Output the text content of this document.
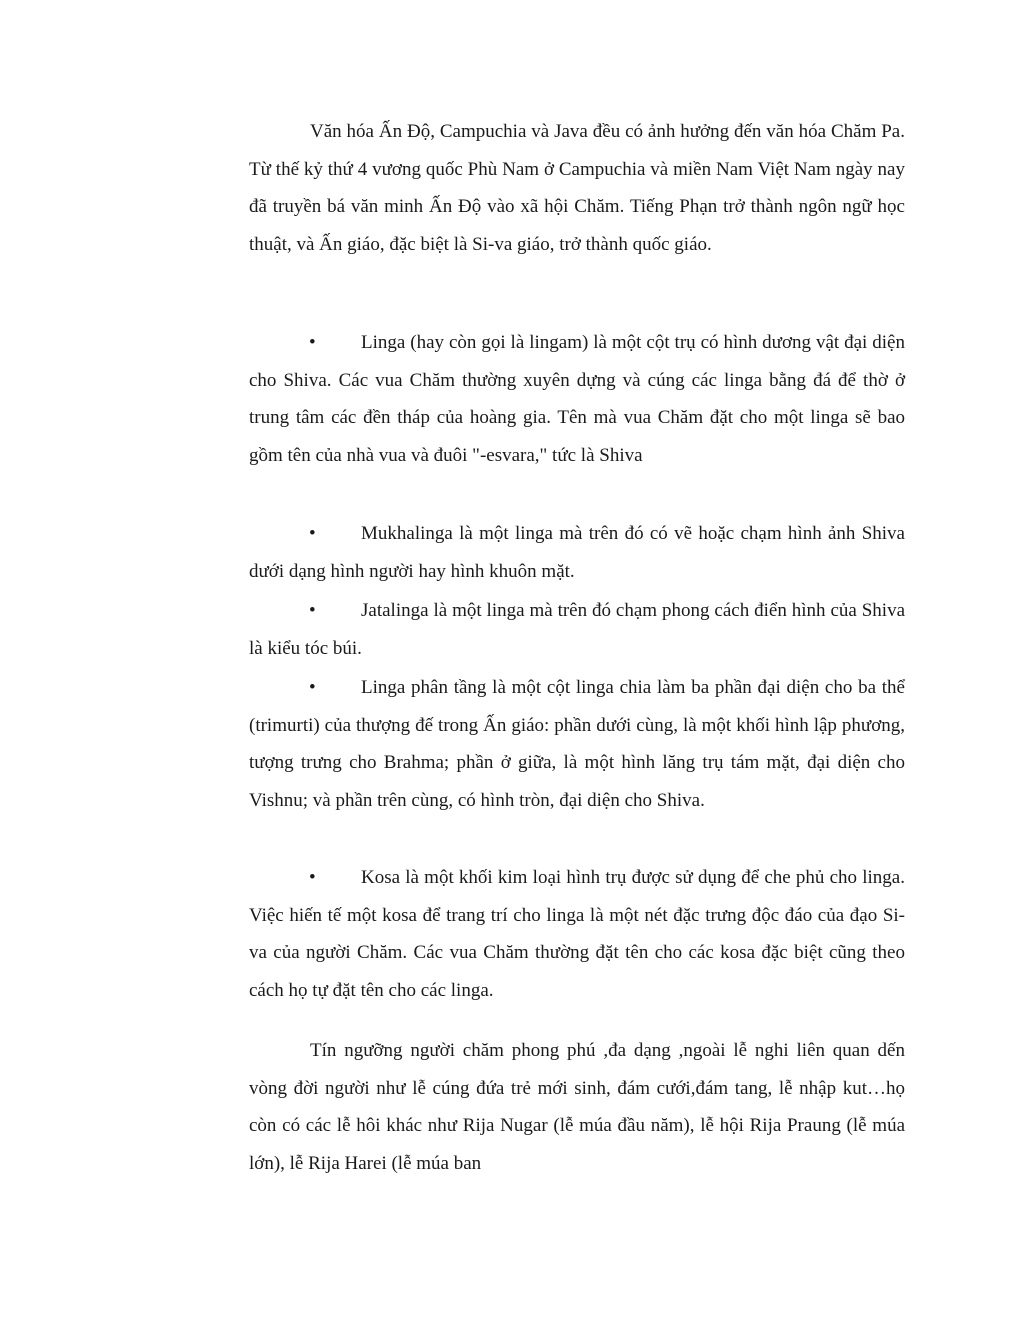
Văn hóa Ấn Độ, Campuchia và Java đều có ảnh hưởng đến văn hóa Chăm Pa. Từ thế kỷ thứ 4 vương quốc Phù Nam ở Campuchia và miền Nam Việt Nam ngày nay đã truyền bá văn minh Ấn Độ vào xã hội Chăm. Tiếng Phạn trở thành ngôn ngữ học thuật, và Ấn giáo, đặc biệt là Si-va giáo, trở thành quốc giáo.

• Linga (hay còn gọi là lingam) là một cột trụ có hình dương vật đại diện cho Shiva. Các vua Chăm thường xuyên dựng và cúng các linga bằng đá để thờ ở trung tâm các đền tháp của hoàng gia. Tên mà vua Chăm đặt cho một linga sẽ bao gồm tên của nhà vua và đuôi "-esvara," tức là Shiva
• Mukhalinga là một linga mà trên đó có vẽ hoặc chạm hình ảnh Shiva dưới dạng hình người hay hình khuôn mặt.
• Jatalinga là một linga mà trên đó chạm phong cách điển hình của Shiva là kiểu tóc búi.
• Linga phân tầng là một cột linga chia làm ba phần đại diện cho ba thể (trimurti) của thượng đế trong Ấn giáo: phần dưới cùng, là một khối hình lập phương, tượng trưng cho Brahma; phần ở giữa, là một hình lăng trụ tám mặt, đại diện cho Vishnu; và phần trên cùng, có hình tròn, đại diện cho Shiva.
• Kosa là một khối kim loại hình trụ được sử dụng để che phủ cho linga. Việc hiến tế một kosa để trang trí cho linga là một nét đặc trưng độc đáo của đạo Si-va của người Chăm. Các vua Chăm thường đặt tên cho các kosa đặc biệt cũng theo cách họ tự đặt tên cho các linga.

Tín ngưỡng người chăm phong phú ,đa dạng ,ngoài lễ nghi liên quan dến vòng đời người như lễ cúng đứa trẻ mới sinh, đám cưới,đám tang, lễ nhập kut…họ còn có các lễ hôi khác như Rija Nugar (lễ múa đầu năm), lễ hội Rija Praung (lễ múa lớn), lễ Rija Harei (lễ múa ban
